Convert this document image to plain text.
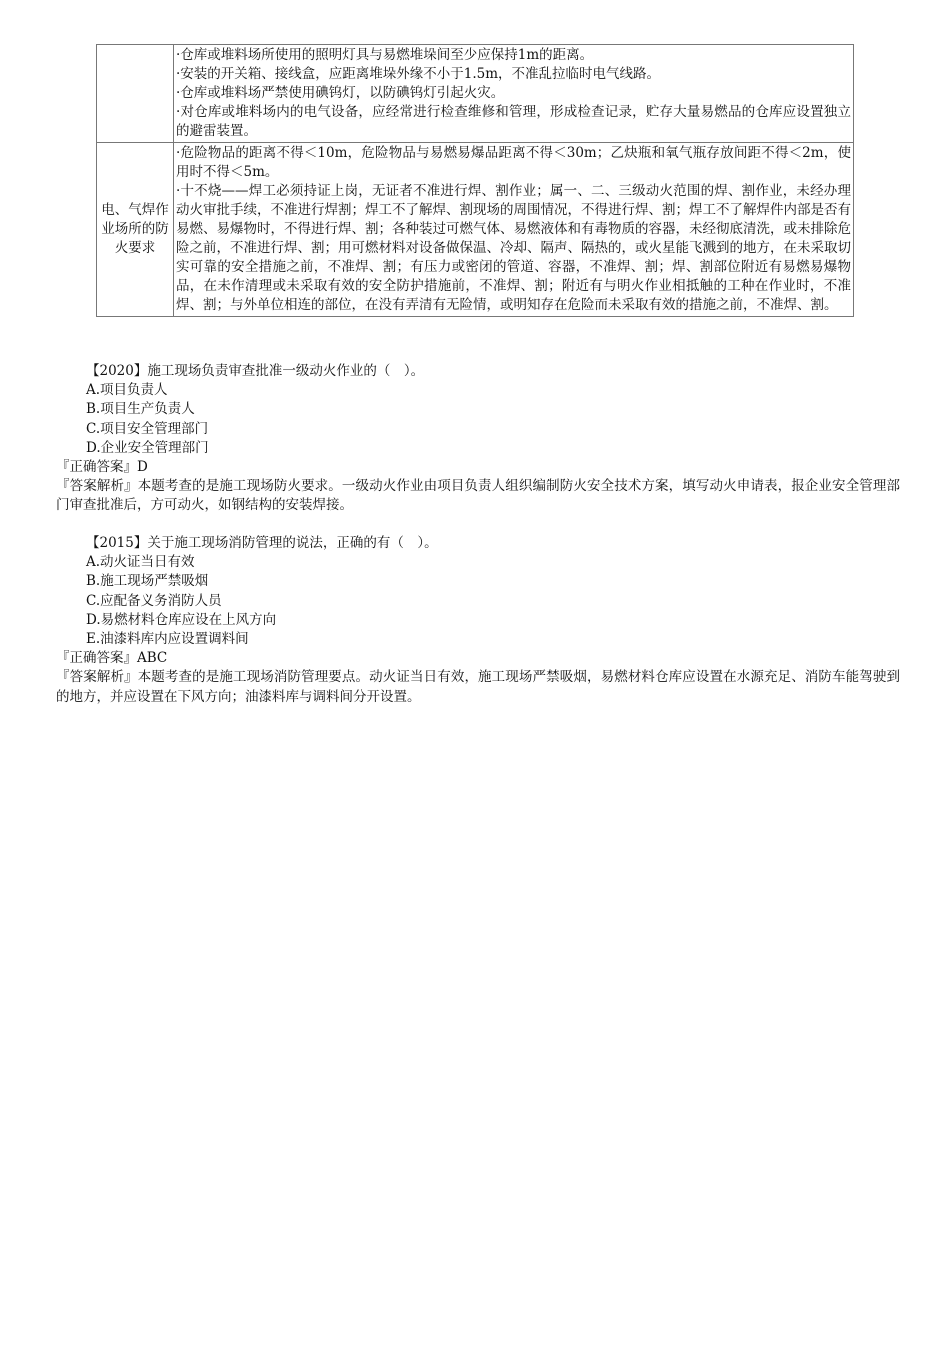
	·仓库或堆料场所使用的照明灯具与易燃堆垛间至少应保持1m的距离。
·安装的开关箱、接线盒，应距离堆垛外缘不小于1.5m，不准乱拉临时电气线路。
·仓库或堆料场严禁使用碘钨灯，以防碘钨灯引起火灾。
·对仓库或堆料场内的电气设备，应经常进行检查维修和管理，形成检查记录，贮存大量易燃品的仓库应设置独立的避雷装置。

电、气焊作业场所的防火要求	·危险物品的距离不得＜10m，危险物品与易燃易爆品距离不得＜30m；乙炔瓶和氧气瓶存放间距不得＜2m，使用时不得＜5m。
·十不烧——焊工必须持证上岗，无证者不准进行焊、割作业；属一、二、三级动火范围的焊、割作业，未经办理动火审批手续，不准进行焊割；焊工不了解焊、割现场的周围情况，不得进行焊、割；焊工不了解焊件内部是否有易燃、易爆物时，不得进行焊、割；各种装过可燃气体、易燃液体和有毒物质的容器，未经彻底清洗，或未排除危险之前，不准进行焊、割；用可燃材料对设备做保温、冷却、隔声、隔热的，或火星能飞溅到的地方，在未采取切实可靠的安全措施之前，不准焊、割；有压力或密闭的管道、容器，不准焊、割；焊、割部位附近有易燃易爆物品，在未作清理或未采取有效的安全防护措施前，不准焊、割；附近有与明火作业相抵触的工种在作业时，不准焊、割；与外单位相连的部位，在没有弄清有无险情，或明知存在危险而未采取有效的措施之前，不准焊、割。
【2020】施工现场负责审查批准一级动火作业的（　）。
A.项目负责人
B.项目生产负责人
C.项目安全管理部门
D.企业安全管理部门
『正确答案』D
『答案解析』本题考查的是施工现场防火要求。一级动火作业由项目负责人组织编制防火安全技术方案，填写动火申请表，报企业安全管理部门审查批准后，方可动火，如钢结构的安装焊接。
【2015】关于施工现场消防管理的说法，正确的有（　）。
A.动火证当日有效
B.施工现场严禁吸烟
C.应配备义务消防人员
D.易燃材料仓库应设在上风方向
E.油漆料库内应设置调料间
『正确答案』ABC
『答案解析』本题考查的是施工现场消防管理要点。动火证当日有效，施工现场严禁吸烟，易燃材料仓库应设置在水源充足、消防车能驾驶到的地方，并应设置在下风方向；油漆料库与调料间分开设置。
